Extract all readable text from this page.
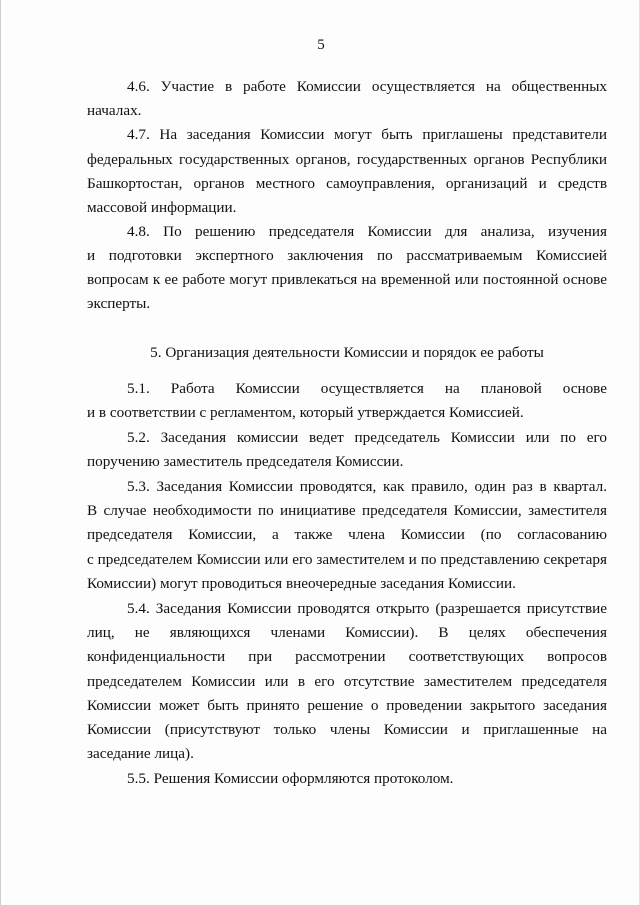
5
4.6. Участие в работе Комиссии осуществляется на общественных
началах.
4.7. На заседания Комиссии могут быть приглашены представители
федеральных государственных органов, государственных органов Республики
Башкортостан, органов местного самоуправления, организаций и средств
массовой информации.
4.8. По решению председателя Комиссии для анализа, изучения
и подготовки экспертного заключения по рассматриваемым Комиссией
вопросам к ее работе могут привлекаться на временной или постоянной основе
эксперты.
5. Организация деятельности Комиссии и порядок ее работы
5.1. Работа Комиссии осуществляется на плановой основе
и в соответствии с регламентом, который утверждается Комиссией.
5.2. Заседания комиссии ведет председатель Комиссии или по его
поручению заместитель председателя Комиссии.
5.3. Заседания Комиссии проводятся, как правило, один раз в квартал.
В случае необходимости по инициативе председателя Комиссии, заместителя
председателя Комиссии, а также члена Комиссии (по согласованию
с председателем Комиссии или его заместителем и по представлению секретаря
Комиссии) могут проводиться внеочередные заседания Комиссии.
5.4. Заседания Комиссии проводятся открыто (разрешается присутствие
лиц, не являющихся членами Комиссии). В целях обеспечения
конфиденциальности при рассмотрении соответствующих вопросов
председателем Комиссии или в его отсутствие заместителем председателя
Комиссии может быть принято решение о проведении закрытого заседания
Комиссии (присутствуют только члены Комиссии и приглашенные на
заседание лица).
5.5. Решения Комиссии оформляются протоколом.
